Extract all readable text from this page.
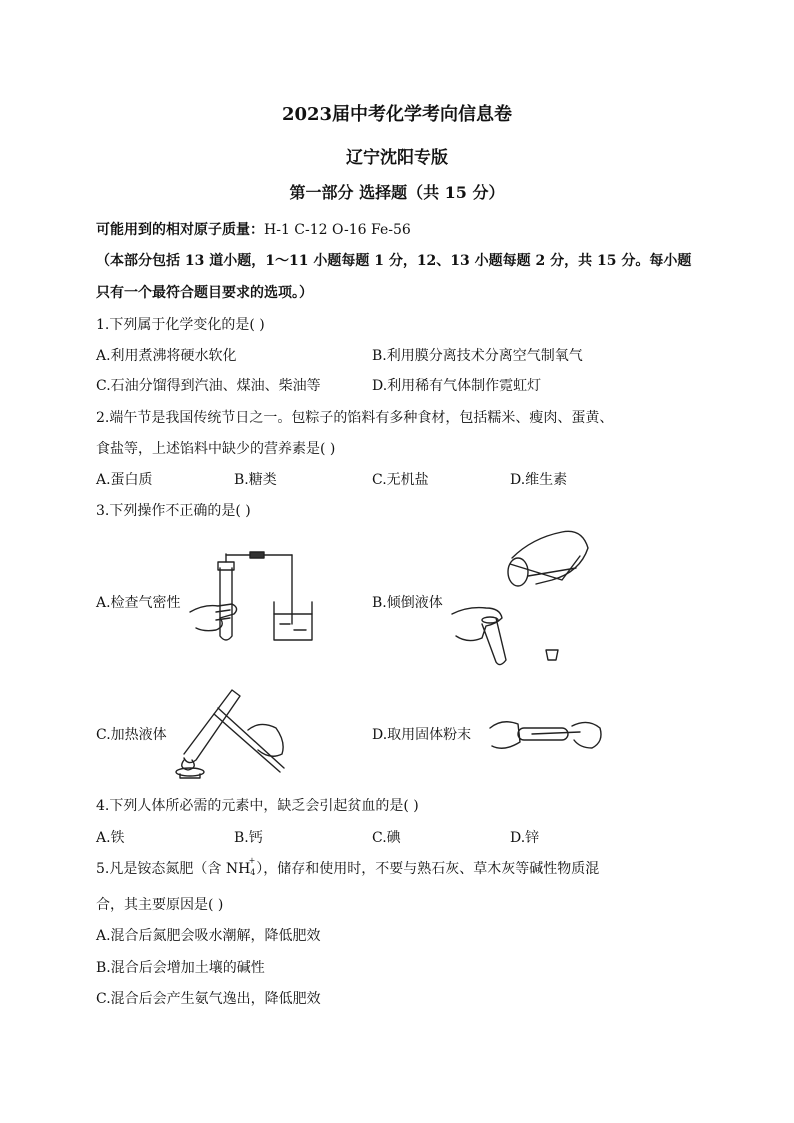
2023届中考化学考向信息卷
辽宁沈阳专版
第一部分 选择题（共 15 分）
可能用到的相对原子质量：H-1 C-12 O-16 Fe-56
（本部分包括 13 道小题，1～11 小题每题 1 分，12、13 小题每题 2 分，共 15 分。每小题
只有一个最符合题目要求的选项。）
1.下列属于化学变化的是( )
A.利用煮沸将硬水软化	B.利用膜分离技术分离空气制氧气
C.石油分馏得到汽油、煤油、柴油等	D.利用稀有气体制作霓虹灯
2.端午节是我国传统节日之一。包粽子的馅料有多种食材，包括糯米、瘦肉、蛋黄、
食盐等，上述馅料中缺少的营养素是( )
A.蛋白质	B.糖类	C.无机盐	D.维生素
3.下列操作不正确的是( )
A.检查气密性	B.倾倒液体
C.加热液体	D.取用固体粉末
4.下列人体所必需的元素中，缺乏会引起贫血的是( )
A.铁	B.钙	C.碘	D.锌
5.凡是铵态氮肥（含 NH
+
4 ），储存和使用时，不要与熟石灰、草木灰等碱性物质混
合，其主要原因是( )
A.混合后氮肥会吸水潮解，降低肥效
B.混合后会增加土壤的碱性
C.混合后会产生氨气逸出，降低肥效
